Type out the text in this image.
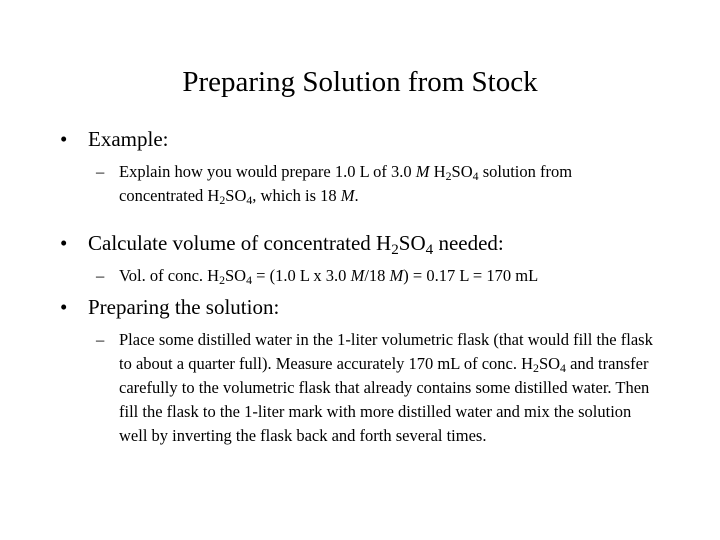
Preparing Solution from Stock
• Example:
– Explain how you would prepare 1.0 L of 3.0 M $H_2SO_4$ solution from concentrated $H_2SO_4$, which is 18 M.
• Calculate volume of concentrated $H_2SO_4$ needed:
– Vol. of conc. $H_2SO_4 = (1.0$ L x 3.0 M/18 M) = 0.17 L = 170 mL
• Preparing the solution:
– Place some distilled water in the 1-liter volumetric flask (that would fill the flask to about a quarter full). Measure accurately 170 mL of conc. $H_2SO_4$ and transfer carefully to the volumetric flask that already contains some distilled water. Then fill the flask to the 1-liter mark with more distilled water and mix the solution well by inverting the flask back and forth several times.
